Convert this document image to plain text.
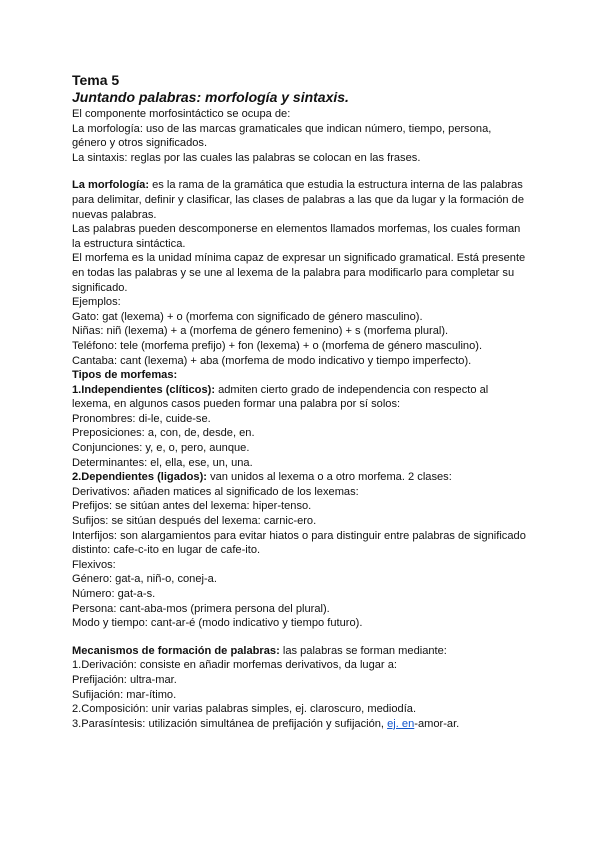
Tema 5
Juntando palabras: morfología y sintaxis.
El componente morfosintáctico se ocupa de:
La morfología: uso de las marcas gramaticales que indican número, tiempo, persona,
género y otros significados.
La sintaxis: reglas por las cuales las palabras se colocan en las frases.
La morfología: es la rama de la gramática que estudia la estructura interna de las palabras
para delimitar, definir y clasificar, las clases de palabras a las que da lugar y la formación de
nuevas palabras.
Las palabras pueden descomponerse en elementos llamados morfemas, los cuales forman
la estructura sintáctica.
El morfema es la unidad mínima capaz de expresar un significado gramatical. Está presente
en todas las palabras y se une al lexema de la palabra para modificarlo para completar su
significado.
Ejemplos:
Gato: gat (lexema) + o (morfema con significado de género masculino).
Niñas: niñ (lexema) + a (morfema de género femenino) + s (morfema plural).
Teléfono: tele (morfema prefijo) + fon (lexema) + o (morfema de género masculino).
Cantaba: cant (lexema) + aba (morfema de modo indicativo y tiempo imperfecto).
Tipos de morfemas:
1.Independientes (clíticos): admiten cierto grado de independencia con respecto al
lexema, en algunos casos pueden formar una palabra por sí solos:
Pronombres: di-le, cuide-se.
Preposiciones: a, con, de, desde, en.
Conjunciones: y, e, o, pero, aunque.
Determinantes: el, ella, ese, un, una.
2.Dependientes (ligados): van unidos al lexema o a otro morfema. 2 clases:
Derivativos: añaden matices al significado de los lexemas:
Prefijos: se sitúan antes del lexema: hiper-tenso.
Sufijos: se sitúan después del lexema: carnic-ero.
Interfijos: son alargamientos para evitar hiatos o para distinguir entre palabras de significado
distinto: cafe-c-ito en lugar de cafe-ito.
Flexivos:
Género: gat-a, niñ-o, conej-a.
Número: gat-a-s.
Persona: cant-aba-mos (primera persona del plural).
Modo y tiempo: cant-ar-é (modo indicativo y tiempo futuro).
Mecanismos de formación de palabras: las palabras se forman mediante:
1.Derivación: consiste en añadir morfemas derivativos, da lugar a:
Prefijación: ultra-mar.
Sufijación: mar-ítimo.
2.Composición: unir varias palabras simples, ej. claroscuro, mediodía.
3.Parasíntesis: utilización simultánea de prefijación y sufijación, ej. en-amor-ar.
